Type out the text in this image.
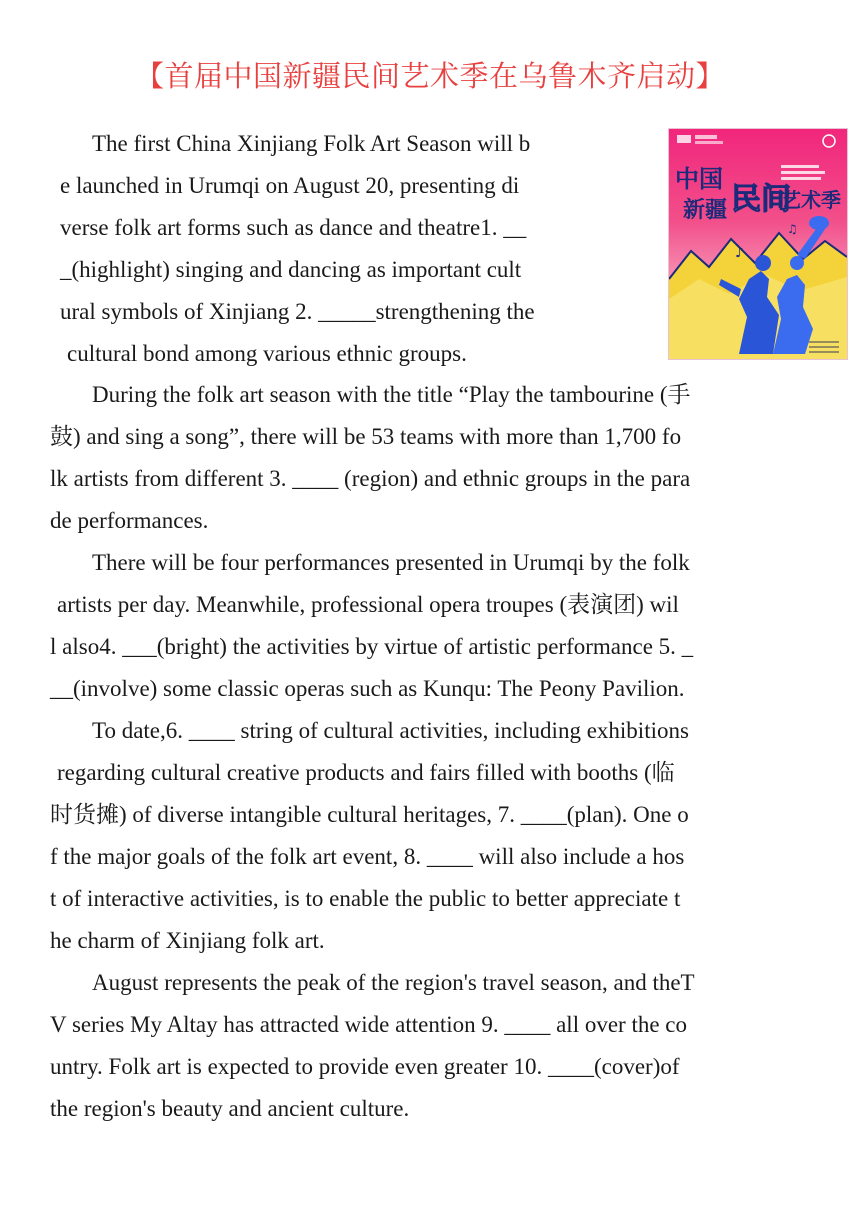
【首届中国新疆民间艺术季在乌鲁木齐启动】
♪
♫
中国
新疆 民间
艺术季
The first China Xinjiang Folk Art Season will b
e launched in Urumqi on August 20, presenting di
verse folk art forms such as dance and theatre1. __
_(highlight) singing and dancing as important cult
ural symbols of Xinjiang 2. _____strengthening the
cultural bond among various ethnic groups.
During the folk art season with the title “Play the tambourine (手
鼓) and sing a song”, there will be 53 teams with more than 1,700 fo
lk artists from different 3. ____ (region) and ethnic groups in the para
de performances.
There will be four performances presented in Urumqi by the folk
artists per day. Meanwhile, professional opera troupes (表演团) wil
l also4. ___(bright) the activities by virtue of artistic performance 5. _
__(involve) some classic operas such as Kunqu: The Peony Pavilion.
To date,6. ____ string of cultural activities, including exhibitions
regarding cultural creative products and fairs filled with booths (临
时货摊) of diverse intangible cultural heritages, 7. ____(plan). One o
f the major goals of the folk art event, 8. ____ will also include a hos
t of interactive activities, is to enable the public to better appreciate t
he charm of Xinjiang folk art.
August represents the peak of the region's travel season, and theT
V series My Altay has attracted wide attention 9. ____ all over the co
untry. Folk art is expected to provide even greater 10. ____(cover)of
the region's beauty and ancient culture.
